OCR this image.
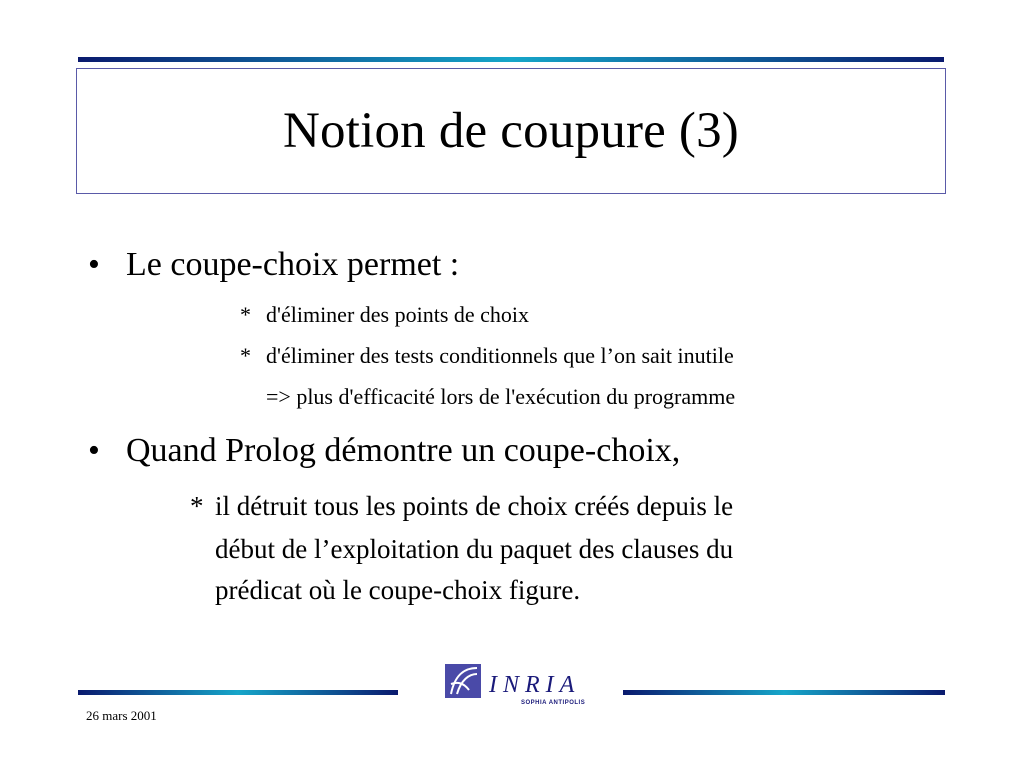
Notion de coupure (3)
• Le coupe-choix permet :
* d'éliminer des points de choix
* d'éliminer des tests conditionnels que l’on sait inutile
=> plus d'efficacité lors de l'exécution du programme
• Quand Prolog démontre un coupe-choix,
* il détruit tous les points de choix créés depuis le
début de l’exploitation du paquet des clauses du
prédicat où le coupe-choix figure.
INRIA
SOPHIA ANTIPOLIS
26 mars 2001
